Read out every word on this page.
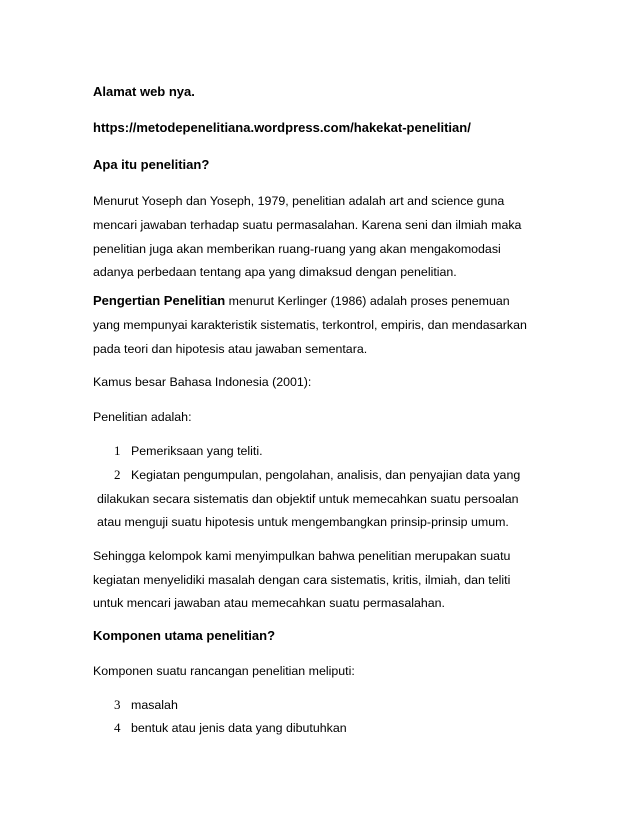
Alamat web nya.
https://metodepenelitiana.wordpress.com/hakekat-penelitian/
Apa itu penelitian?
Menurut Yoseph dan Yoseph, 1979, penelitian adalah art and science guna
mencari jawaban terhadap suatu permasalahan. Karena seni dan ilmiah maka
penelitian juga akan memberikan ruang-ruang yang akan mengakomodasi
adanya perbedaan tentang apa yang dimaksud dengan penelitian.
Pengertian Penelitian menurut Kerlinger (1986) adalah proses penemuan
yang mempunyai karakteristik sistematis, terkontrol, empiris, dan mendasarkan
pada teori dan hipotesis atau jawaban sementara.
Kamus besar Bahasa Indonesia (2001):
Penelitian adalah:
1 Pemeriksaan yang teliti.
2 Kegiatan pengumpulan, pengolahan, analisis, dan penyajian data yang
dilakukan secara sistematis dan objektif untuk memecahkan suatu persoalan
atau menguji suatu hipotesis untuk mengembangkan prinsip-prinsip umum.
Sehingga kelompok kami menyimpulkan bahwa penelitian merupakan suatu
kegiatan menyelidiki masalah dengan cara sistematis, kritis, ilmiah, dan teliti
untuk mencari jawaban atau memecahkan suatu permasalahan.
Komponen utama penelitian?
Komponen suatu rancangan penelitian meliputi:
3 masalah
4 bentuk atau jenis data yang dibutuhkan
